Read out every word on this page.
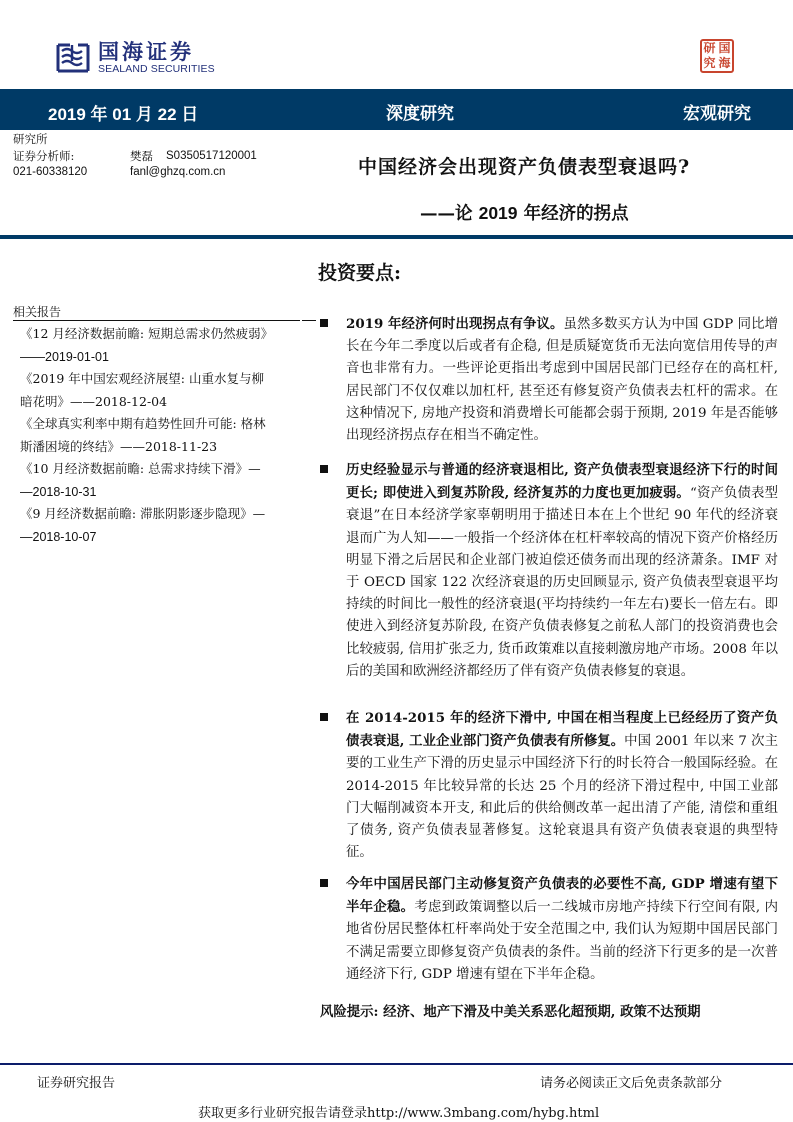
国海证券
SEALAND SECURITIES
研 国
究 海
2019 年 01 月 22 日	深度研究	宏观研究
研究所
证券分析师:	樊磊 S0350517120001
021-60338120	fanl@ghzq.com.cn	中国经济会出现资产负债表型衰退吗?
——论 2019 年经济的拐点
投资要点:
相关报告
《12 月经济数据前瞻: 短期总需求仍然疲弱》
——2019-01-01
《2019 年中国宏观经济展望: 山重水复与柳
暗花明》——2018-12-04
《全球真实利率中期有趋势性回升可能: 格林
斯潘困境的终结》——2018-11-23
《10 月经济数据前瞻: 总需求持续下滑》—
—2018-10-31
《9 月经济数据前瞻: 滞胀阴影逐步隐现》—
—2018-10-07
2019 年经济何时出现拐点有争议。虽然多数买方认为中国 GDP 同比增长在今年二季度以后或者有企稳, 但是质疑宽货币无法向宽信用传导的声音也非常有力。一些评论更指出考虑到中国居民部门已经存在的高杠杆, 居民部门不仅仅难以加杠杆, 甚至还有修复资产负债表去杠杆的需求。在这种情况下, 房地产投资和消费增长可能都会弱于预期, 2019 年是否能够出现经济拐点存在相当不确定性。
历史经验显示与普通的经济衰退相比, 资产负债表型衰退经济下行的时间更长; 即使进入到复苏阶段, 经济复苏的力度也更加疲弱。“资产负债表型衰退”在日本经济学家辜朝明用于描述日本在上个世纪 90 年代的经济衰退而广为人知——一般指一个经济体在杠杆率较高的情况下资产价格经历明显下滑之后居民和企业部门被迫偿还债务而出现的经济萧条。IMF 对于 OECD 国家 122 次经济衰退的历史回顾显示, 资产负债表型衰退平均持续的时间比一般性的经济衰退(平均持续约一年左右)要长一倍左右。即使进入到经济复苏阶段, 在资产负债表修复之前私人部门的投资消费也会比较疲弱, 信用扩张乏力, 货币政策难以直接刺激房地产市场。2008 年以后的美国和欧洲经济都经历了伴有资产负债表修复的衰退。
在 2014-2015 年的经济下滑中, 中国在相当程度上已经经历了资产负债表衰退, 工业企业部门资产负债表有所修复。中国 2001 年以来 7 次主要的工业生产下滑的历史显示中国经济下行的时长符合一般国际经验。在 2014-2015 年比较异常的长达 25 个月的经济下滑过程中, 中国工业部门大幅削减资本开支, 和此后的供给侧改革一起出清了产能, 清偿和重组了债务, 资产负债表显著修复。这轮衰退具有资产负债表衰退的典型特征。
今年中国居民部门主动修复资产负债表的必要性不高, GDP 增速有望下半年企稳。考虑到政策调整以后一二线城市房地产持续下行空间有限, 内地省份居民整体杠杆率尚处于安全范围之中, 我们认为短期中国居民部门不满足需要立即修复资产负债表的条件。当前的经济下行更多的是一次普通经济下行, GDP 增速有望在下半年企稳。
风险提示: 经济、地产下滑及中美关系恶化超预期, 政策不达预期
证券研究报告	请务必阅读正文后免责条款部分
获取更多行业研究报告请登录http://www.3mbang.com/hybg.html
